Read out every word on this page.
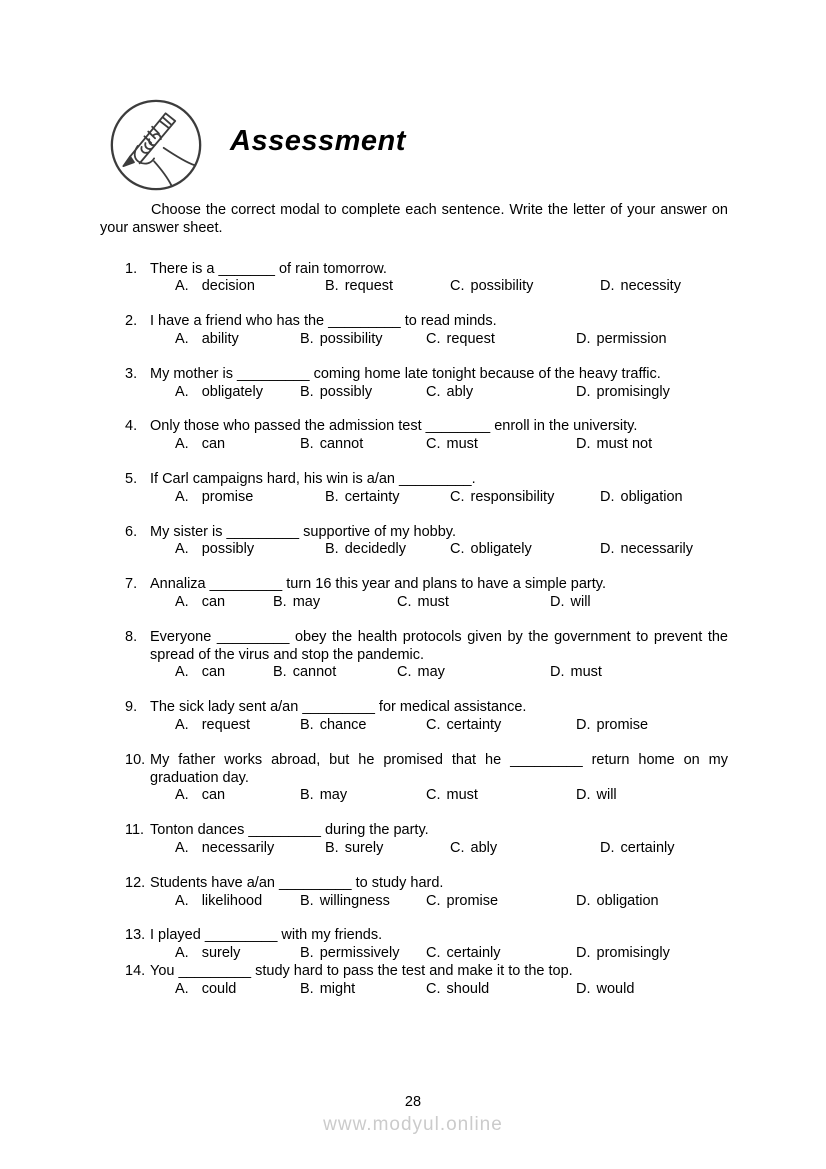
Assessment

Choose the correct modal to complete each sentence. Write the letter of your answer on your answer sheet.

1. There is a _______ of rain tomorrow.

A. decision	B. request	C. possibility	D. necessity
2. I have a friend who has the _________ to read minds.

A. ability	B. possibility	C. request	D. permission
3. My mother is _________ coming home late tonight because of the heavy traffic.

A. obligately	B. possibly	C. ably	D. promisingly
4. Only those who passed the admission test ________ enroll in the university.

A. can	B. cannot	C. must	D. must not
5. If Carl campaigns hard, his win is a/an _________.

A. promise	B. certainty	C. responsibility	D. obligation
6. My sister is _________ supportive of my hobby.

A. possibly	B. decidedly	C. obligately	D. necessarily
7. Annaliza _________ turn 16 this year and plans to have a simple party.

A. can	B. may	C. must	D. will
8. Everyone _________ obey the health protocols given by the government to prevent the spread of the virus and stop the pandemic.

A. can	B. cannot	C. may	D. must
9. The sick lady sent a/an _________ for medical assistance.

A. request	B. chance	C. certainty	D. promise
10. My father works abroad, but he promised that he _________ return home on my graduation day.

A. can	B. may	C. must	D. will
11. Tonton dances _________ during the party.

A. necessarily	B. surely	C. ably	D. certainly
12. Students have a/an _________ to study hard.

A. likelihood	B. willingness	C. promise	D. obligation
13. I played _________ with my friends.

A. surely	B. permissively	C. certainly	D. promisingly
14. You _________ study hard to pass the test and make it to the top.

A. could	B. might	C. should	D. would
28
www.modyul.online
